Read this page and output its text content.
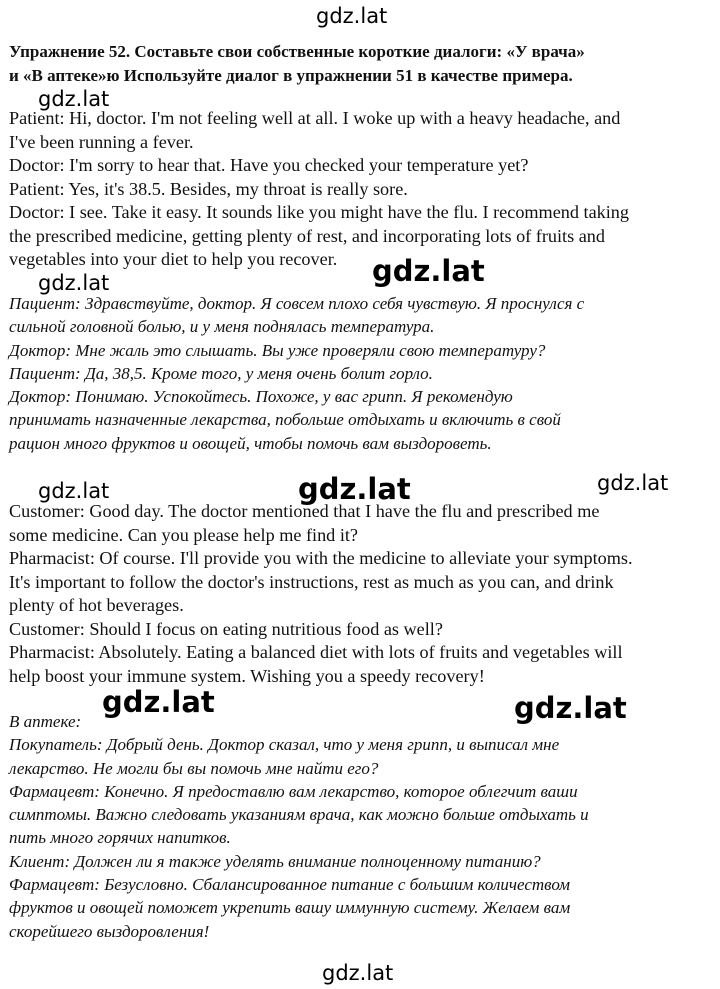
gdz.lat
gdz.lat
gdz.lat	gdz.lat
gdz.lat	gdz.lat	gdz.lat
gdz.lat	gdz.lat
gdz.lat
Упражнение 52. Составьте свои собственные короткие диалоги: «У врача»
и «В аптеке»ю Используйте диалог в упражнении 51 в качестве примера.
Patient: Hi, doctor. I'm not feeling well at all. I woke up with a heavy headache, and
I've been running a fever.
Doctor: I'm sorry to hear that. Have you checked your temperature yet?
Patient: Yes, it's 38.5. Besides, my throat is really sore.
Doctor: I see. Take it easy. It sounds like you might have the flu. I recommend taking
the prescribed medicine, getting plenty of rest, and incorporating lots of fruits and
vegetables into your diet to help you recover.
Пациент: Здравствуйте, доктор. Я совсем плохо себя чувствую. Я проснулся с
сильной головной болью, и у меня поднялась температура.
Доктор: Мне жаль это слышать. Вы уже проверяли свою температуру?
Пациент: Да, 38,5. Кроме того, у меня очень болит горло.
Доктор: Понимаю. Успокойтесь. Похоже, у вас грипп. Я рекомендую
принимать назначенные лекарства, побольше отдыхать и включить в свой
рацион много фруктов и овощей, чтобы помочь вам выздороветь.
Customer: Good day. The doctor mentioned that I have the flu and prescribed me
some medicine. Can you please help me find it?
Pharmacist: Of course. I'll provide you with the medicine to alleviate your symptoms.
It's important to follow the doctor's instructions, rest as much as you can, and drink
plenty of hot beverages.
Customer: Should I focus on eating nutritious food as well?
Pharmacist: Absolutely. Eating a balanced diet with lots of fruits and vegetables will
help boost your immune system. Wishing you a speedy recovery!
В аптеке:
Покупатель: Добрый день. Доктор сказал, что у меня грипп, и выписал мне
лекарство. Не могли бы вы помочь мне найти его?
Фармацевт: Конечно. Я предоставлю вам лекарство, которое облегчит ваши
симптомы. Важно следовать указаниям врача, как можно больше отдыхать и
пить много горячих напитков.
Клиент: Должен ли я также уделять внимание полноценному питанию?
Фармацевт: Безусловно. Сбалансированное питание с большим количеством
фруктов и овощей поможет укрепить вашу иммунную систему. Желаем вам
скорейшего выздоровления!
